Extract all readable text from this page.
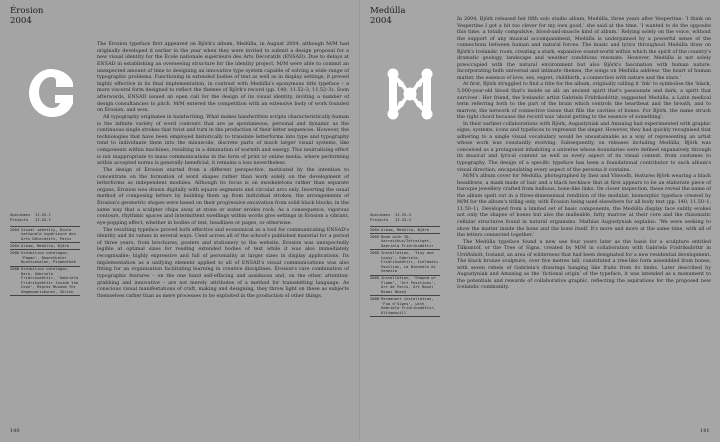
Érosion
2004
Specimens	II.XX-I
Projects	II.XX-I
2004 Visual identity, École nationale supérieure des Arts Décoratifs, Paris
2004 Album, Medúlla, Björk
2006 Exhibition catalogue, ‘Pagan’, Rosenthaler Kunstsenalen, Pinakothek
2008 Exhibition catalogue, Dark, Gabriela Fridriksdóttir, ‘Gabriela Fridriksdóttir Inside the Cone’, Migros Museum für Gegenwartskunst, Zürich

The Érosion typeface first appeared on Björk's album, Medúlla, in August 2004, although M/M had originally developed it earlier in the year when they were invited to submit a design proposal for a new visual identity for the École nationale supérieure des Arts Décoratifs (ENSAD). Due to delays at ENSAD in establishing an overseeing structure for the identity project, M/M were able to commit an unexpected amount of time to designing an innovative type system capable of solving a wide range of typographic problems. Functioning in extended bodies of text as well as in display settings, it proved highly effective in its final implementation, in contrast with Medúlla's eponymous title typeface – a more visceral form designed to reflect the themes of Björk's record (pp. 140, 11.52–3, 11.52–3). Soon afterwards, ENSAD issued an open call for the design of its visual identity, inviting a number of design consultancies to pitch. M/M entered the competition with an extensive body of work founded on Érosion, and won.

All typography originates in handwriting. What makes handwritten scripts characteristically human is the infinite variety of word contours that are as spontaneous, personal and dynamic as the continuous single strokes that twist and turn in the production of their letter sequences. However, the technologies that have been employed historically to translate letterforms into type and typography tend to individuate them into the minuscule, discrete parts of much larger visual systems, like components within machines, resulting in a diminution of warmth and energy. This neutralising effect is not inappropriate to mass communications in the form of print or online media, where performing within accepted norms is generally beneficial, it remains a loss nevertheless.

The design of Érosion started from a different perspective, motivated by the intention to concentrate on the formation of word shapes rather than work solely on the development of letterforms as independent modules. Although its focus is on exoskeletons rather than separate organs, Érosion was drawn digitally with square segments and circular arcs only. Inverting the usual method of composing letters by building them up from individual strokes, the arrangements of Érosion's geometric shapes were based on their progressive excavation from solid black blocks, in the same way that a sculptor chips away at stone or water erodes rock. As a consequence, vigorous contours, rhythmic spaces and intermittent swellings within words give settings in Érosion a vibrant, eye-popping effect, whether in bodies of text, headlines or pages, or otherwise.

The resulting typeface proved both effective and economical as a tool for communicating ENSAD's identity and its values in several ways. Used across all of the school's published material for a period of three years, from brochures, posters and stationery to the website, Érosion was unexpectedly legible at optimal sizes for reading extended bodies of text while it was also immediately recognisable; highly expressive and full of personality at larger sizes in display applications. Its implementation as a unifying element applied to all of ENSAD's visual communications was also fitting for an organisation facilitating learning in creative disciplines. Érosion's rare combination of typographic features – on the one hand self-effacing and assiduous and, on the other, attention-grabbing and innovative – are not merely attributes of a method for transmitting language. As conscious visual manifestations of craft, making and designing, they throw light on these as subjects themselves rather than as mere processes to be exploited in the production of other things.

140
Medúlla
2004
Specimens	II.52–3
Projects	II.53–3
2004 Album, Medúlla, Björk
2005 Book with ID, Varroithus/Tefraitget, Gabriela Fridriksdóttir
2005 Installation, ‘Tiny and Lousy’, Gabriela Fridriksdóttir, Icelandic Pavilion, La Biennale di Venezia
2005 Installation, ‘Shaped of Flame’, ‘Art Positions’, Art de Paris, Art Basel Miami Beach
2008 Permanent installation, ‘Fuo d'Signs’, with Gabriela Fridriksdóttir, Ultimasvill

In 2004, Björk released her fifth solo studio album, Medúlla, three years after Vespertine: ‘I think on Vespertine I got a bit too clever for my own good,’ she said at the time. ‘I wanted to do the opposite this time, a totally compulsive, blood-and-muscle kind of album.’ Relying solely on the voice, without the support of any musical accompaniment, Medúlla is underpinned by a powerful sense of the connections between human and natural forces. The music and lyrics throughout Medúlla draw on Björk's Icelandic roots, creating a stark, expansive sound-world within which the spirit of the country's dramatic geology, landscape and weather conditions resonate. However, Medúlla is not solely preoccupied with the natural environment but also Björk's fascination with human nature. Incorporating both universal and intimate themes, the songs on Medúlla address ‘the heart of human matter, the essence of love, sex, regret, childbirth, a connection with nature and the stars.’

At first, Björk struggled to find a title for the album, originally calling it ‘Ink’ to symbolise the ‘black, 5,000-year-old blood that's inside us all: an ancient spirit that's passionate and dark, a spirit that survives’. Her friend, the Icelandic artist Gabriela Fridriksdóttir, suggested Medúlla, a Latin medical term referring both to the part of the brain which controls the heartbeat and the breath, and to marrow, the network of connective tissue that fills the cavities of bones. For Björk, the name struck the right chord because the record was ‘about getting to the essence of something’.

In their earliest collaborations with Björk, Augustyniak and Amzalag had experimented with graphic signs, systems, icons and typefaces to represent the singer. However, they had quickly recognised that adhering to a single visual vocabulary would be unsustainable as a way of representing an artist whose work was constantly evolving. Subsequently, on releases including Medúlla, Björk was conceived as a protagonist inhabiting a universe whose boundaries were defined expansively through its musical and lyrical content as well as every aspect of its visual context, from costumes to typography. The design of a specific typeface has been a foundational contributor to each album's visual direction, encapsulating every aspect of the persona it contains.

M/M's album cover for Medúlla, photographed by Inez and Vinoodh, features Björk wearing a black headdress, a mask made of hair and a black necklace that at first appears to be an elaborate piece of baroque jewellery crafted from bulbous, bone-like links. On closer inspection, these reveal the name of the album spelt out in a three-dimensional rendition of the modular, biomorphic typeface created by M/M for the album's titling only, with Érosion being used elsewhere for all body text (pp. 140, 11.50–1, 11.50–1). Developed from a limited set of basic components, the Medúlla display face subtly evokes not only the shapes of bones but also the malleable, fatty marrow at their core and the rhizomatic cellular structures found in natural organisms. Mathias Augustyniak explains: ‘We were seeking to show the matter inside the bone and the bone itself. It's more and more at the same time, with all of the letters connected together.’

The Medúlla typeface found a new use four years later as the basis for a sculpture entitled Tilkomtóf, or the Tree of Signs, created by M/M in collaboration with Gabriela Fridriksdóttir in Urriðaholt, Iceland, an area of wilderness that had been designated for a new residential development. The black bronze sculpture, over five metres tall, constituted a tree-like form assembled from bones, with seven rebels of Gabriela's drawings hanging like fruits from its limbs. Later described by Augustyniak and Amzalag as the ‘fictional origin’ of the typeface, it was intended as a monument to the potentials and rewards of collaborative graphic, reflecting the aspirations for the proposed new Icelandic community.

141
